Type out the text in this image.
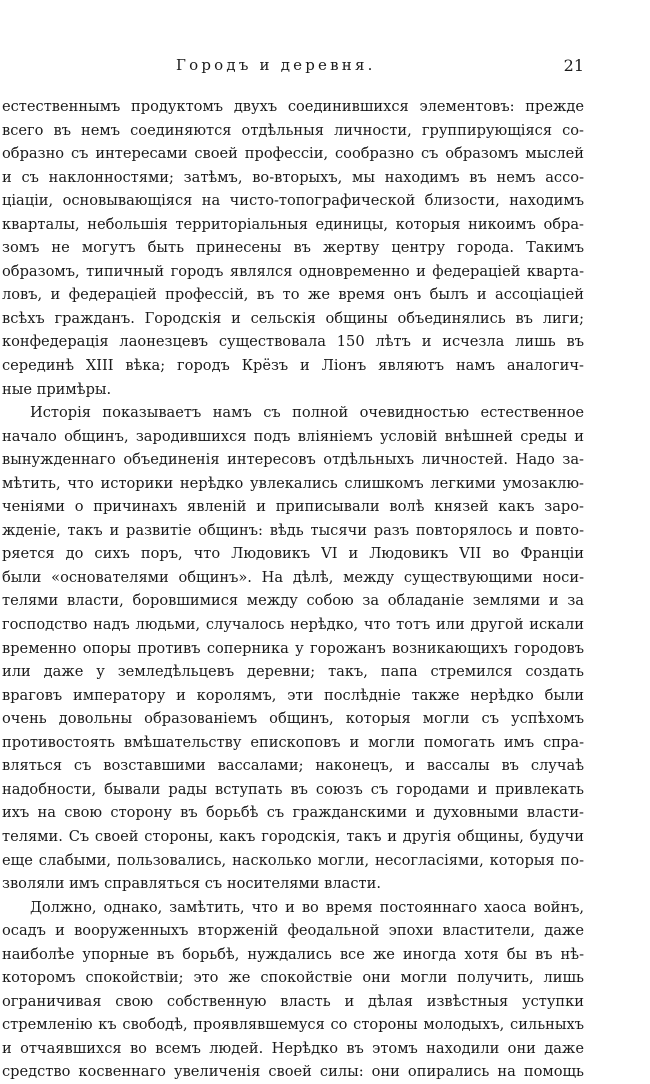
Городъ и деревня.	21
естественнымъ продуктомъ двухъ соединившихся элементовъ: прежде
всего въ немъ соединяются отдѣльныя личности, группирующiяся со-
образно съ интересами своей профессiи, сообразно съ образомъ мыслей
и съ наклонностями; затѣмъ, во-вторыхъ, мы находимъ въ немъ ассо-
цiацiи, основывающiяся на чисто-топографической близости, находимъ
кварталы, небольшiя территорiальныя единицы, которыя никоимъ обра-
зомъ не могутъ быть принесены въ жертву центру города. Такимъ
образомъ, типичный городъ являлся одновременно и федерацiей кварта-
ловъ, и федерацiей профессiй, въ то же время онъ былъ и ассоцiацiей
всѣхъ гражданъ. Городскiя и сельскiя общины объединялись въ лиги;
конфедерацiя лаонезцевъ существовала 150 лѣтъ и исчезла лишь въ
серединѣ XIII вѣка; городъ Крёзъ и Лiонъ являютъ намъ аналогич-
ные примѣры.
Исторiя показываетъ намъ съ полной очевидностью естественное
начало общинъ, зародившихся подъ влiянiемъ условiй внѣшней среды и
вынужденнаго объединенiя интересовъ отдѣльныхъ личностей. Надо за-
мѣтить, что историки нерѣдко увлекались слишкомъ легкими умозаклю-
ченiями о причинахъ явленiй и приписывали волѣ князей какъ заро-
жденiе, такъ и развитiе общинъ: вѣдь тысячи разъ повторялось и повто-
ряется до сихъ поръ, что Людовикъ VI и Людовикъ VII во Францiи
были «основателями общинъ». На дѣлѣ, между существующими носи-
телями власти, боровшимися между собою за обладанiе землями и за
господство надъ людьми, случалось нерѣдко, что тотъ или другой искали
временно опоры противъ соперника у горожанъ возникающихъ городовъ
или даже у земледѣльцевъ деревни; такъ, папа стремился создать
враговъ императору и королямъ, эти послѣднiе также нерѣдко были
очень довольны образованiемъ общинъ, которыя могли съ успѣхомъ
противостоять вмѣшательству епископовъ и могли помогать имъ спра-
вляться съ возставшими вассалами; наконецъ, и вассалы въ случаѣ
надобности, бывали рады вступать въ союзъ съ городами и привлекать
ихъ на свою сторону въ борьбѣ съ гражданскими и духовными власти-
телями. Съ своей стороны, какъ городскiя, такъ и другiя общины, будучи
еще слабыми, пользовались, насколько могли, несогласiями, которыя по-
зволяли имъ справляться съ носителями власти.
Должно, однако, замѣтить, что и во время постояннаго хаоса войнъ,
осадъ и вооруженныхъ вторженiй феодальной эпохи властители, даже
наиболѣе упорные въ борьбѣ, нуждались все же иногда хотя бы въ нѣ-
которомъ спокойствiи; это же спокойствiе они могли получить, лишь
ограничивая свою собственную власть и дѣлая извѣстныя уступки
стремленiю къ свободѣ, проявлявшемуся со стороны молодыхъ, сильныхъ
и отчаявшихся во всемъ людей. Нерѣдко въ этомъ находили они даже
средство косвеннаго увеличенiя своей силы: они опирались на помощь
